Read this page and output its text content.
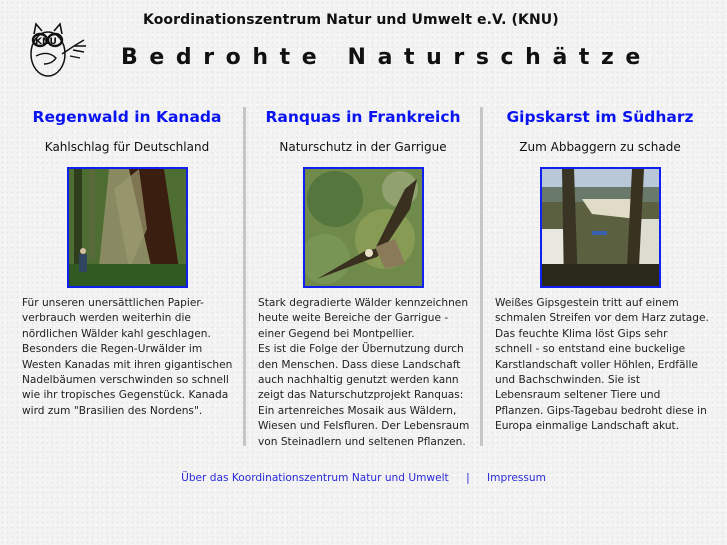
KNU
Koordinationszentrum Natur und Umwelt e.V. (KNU)
Bedrohte Naturschätze
Regenwald in Kanada
Kahlschlag für Deutschland
Für unseren unersättlichen Papier-
verbrauch werden weiterhin die
nördlichen Wälder kahl geschlagen.
Besonders die Regen-Urwälder im
Westen Kanadas mit ihren gigantischen
Nadelbäumen verschwinden so schnell
wie ihr tropisches Gegenstück. Kanada
wird zum "Brasilien des Nordens".
Ranquas in Frankreich
Naturschutz in der Garrigue
Stark degradierte Wälder kennzeichnen
heute weite Bereiche der Garrigue -
einer Gegend bei Montpellier.
Es ist die Folge der Übernutzung durch
den Menschen. Dass diese Landschaft
auch nachhaltig genutzt werden kann
zeigt das Naturschutzprojekt Ranquas:
Ein artenreiches Mosaik aus Wäldern,
Wiesen und Felsfluren. Der Lebensraum
von Steinadlern und seltenen Pflanzen.
Gipskarst im Südharz
Zum Abbaggern zu schade
Weißes Gipsgestein tritt auf einem
schmalen Streifen vor dem Harz zutage.
Das feuchte Klima löst Gips sehr
schnell - so entstand eine buckelige
Karstlandschaft voller Höhlen, Erdfälle
und Bachschwinden. Sie ist
Lebensraum seltener Tiere und
Pflanzen. Gips-Tagebau bedroht diese in
Europa einmalige Landschaft akut.
Über das Koordinationszentrum Natur und Umwelt | Impressum
